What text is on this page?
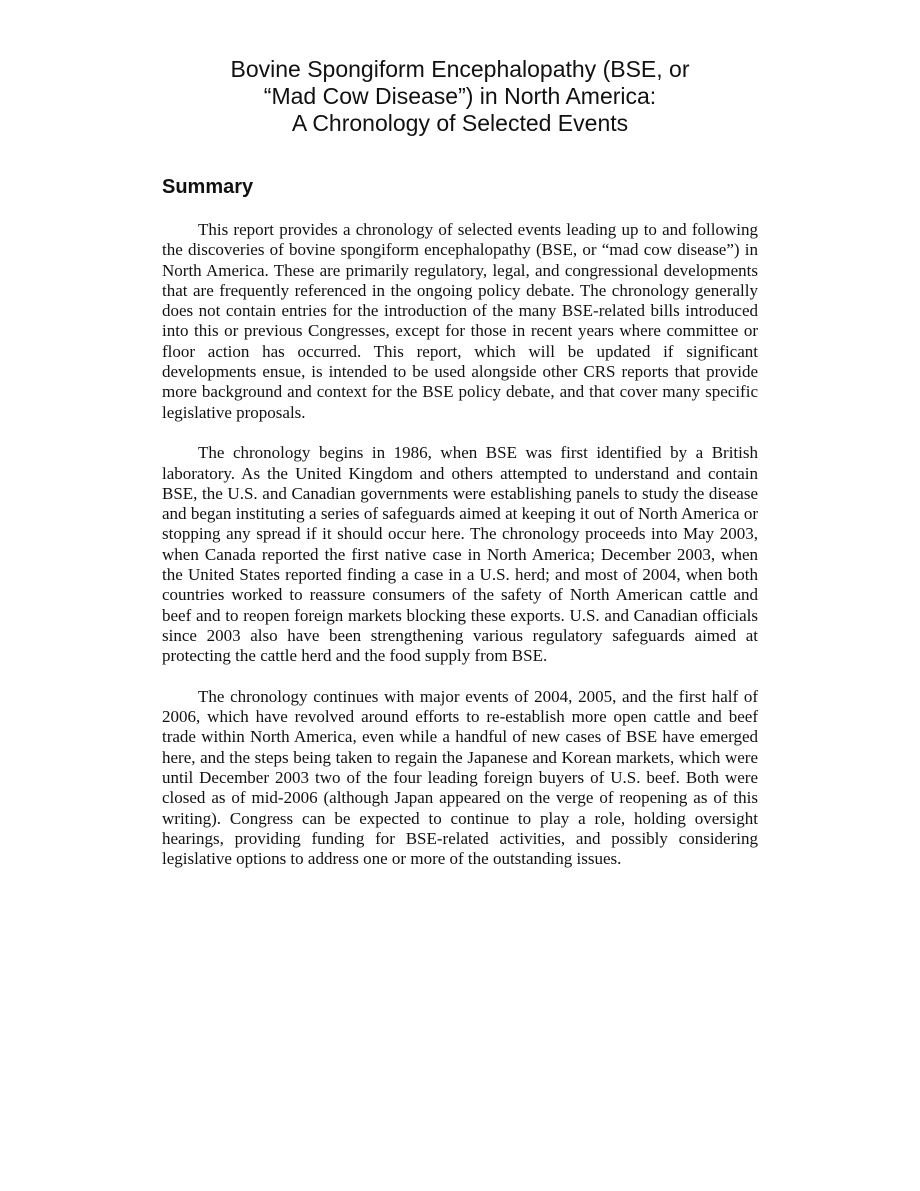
Bovine Spongiform Encephalopathy (BSE, or
“Mad Cow Disease”) in North America:
A Chronology of Selected Events
Summary

This report provides a chronology of selected events leading up to and following the discoveries of bovine spongiform encephalopathy (BSE, or “mad cow disease”) in North America. These are primarily regulatory, legal, and congressional developments that are frequently referenced in the ongoing policy debate. The chronology generally does not contain entries for the introduction of the many BSE-related bills introduced into this or previous Congresses, except for those in recent years where committee or floor action has occurred. This report, which will be updated if significant developments ensue, is intended to be used alongside other CRS reports that provide more background and context for the BSE policy debate, and that cover many specific legislative proposals.

The chronology begins in 1986, when BSE was first identified by a British laboratory. As the United Kingdom and others attempted to understand and contain BSE, the U.S. and Canadian governments were establishing panels to study the disease and began instituting a series of safeguards aimed at keeping it out of North America or stopping any spread if it should occur here. The chronology proceeds into May 2003, when Canada reported the first native case in North America; December 2003, when the United States reported finding a case in a U.S. herd; and most of 2004, when both countries worked to reassure consumers of the safety of North American cattle and beef and to reopen foreign markets blocking these exports. U.S. and Canadian officials since 2003 also have been strengthening various regulatory safeguards aimed at protecting the cattle herd and the food supply from BSE.

The chronology continues with major events of 2004, 2005, and the first half of 2006, which have revolved around efforts to re-establish more open cattle and beef trade within North America, even while a handful of new cases of BSE have emerged here, and the steps being taken to regain the Japanese and Korean markets, which were until December 2003 two of the four leading foreign buyers of U.S. beef. Both were closed as of mid-2006 (although Japan appeared on the verge of reopening as of this writing). Congress can be expected to continue to play a role, holding oversight hearings, providing funding for BSE-related activities, and possibly considering legislative options to address one or more of the outstanding issues.
